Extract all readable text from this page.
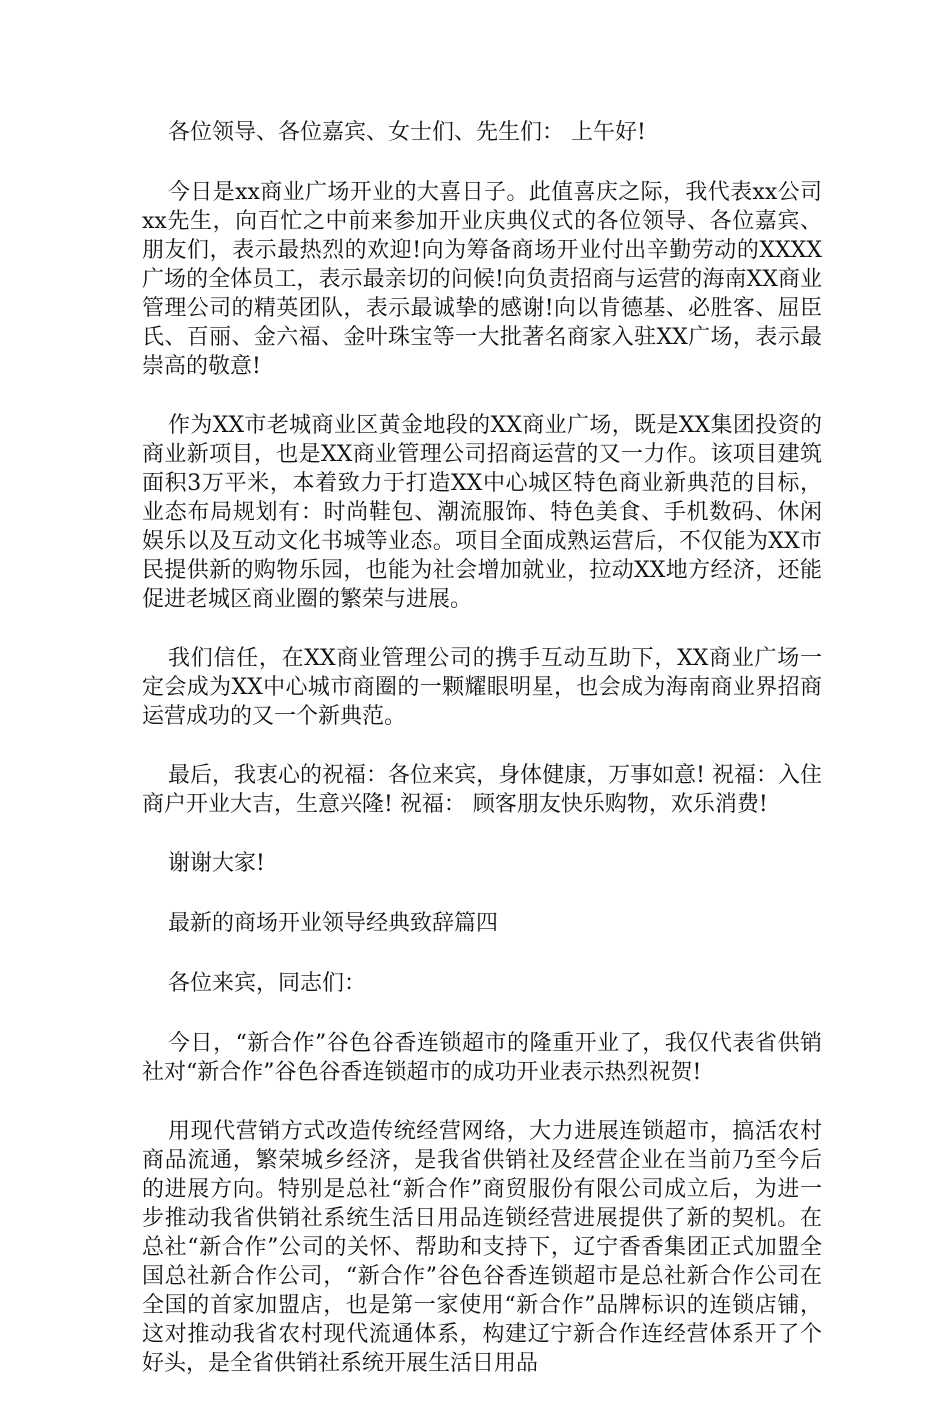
各位领导、各位嘉宾、女士们、先生们： 上午好!

今日是xx商业广场开业的大喜日子。此值喜庆之际，我代表xx公司xx先生，向百忙之中前来参加开业庆典仪式的各位领导、各位嘉宾、朋友们，表示最热烈的欢迎!向为筹备商场开业付出辛勤劳动的XXXX广场的全体员工，表示最亲切的问候!向负责招商与运营的海南XX商业管理公司的精英团队，表示最诚挚的感谢!向以肯德基、必胜客、屈臣氏、百丽、金六福、金叶珠宝等一大批著名商家入驻XX广场，表示最崇高的敬意!

作为XX市老城商业区黄金地段的XX商业广场，既是XX集团投资的商业新项目，也是XX商业管理公司招商运营的又一力作。该项目建筑面积3万平米，本着致力于打造XX中心城区特色商业新典范的目标，业态布局规划有：时尚鞋包、潮流服饰、特色美食、手机数码、休闲娱乐以及互动文化书城等业态。项目全面成熟运营后，不仅能为XX市民提供新的购物乐园，也能为社会增加就业，拉动XX地方经济，还能促进老城区商业圈的繁荣与进展。

我们信任，在XX商业管理公司的携手互动互助下，XX商业广场一定会成为XX中心城市商圈的一颗耀眼明星，也会成为海南商业界招商运营成功的又一个新典范。

最后，我衷心的祝福：各位来宾，身体健康，万事如意! 祝福：入住商户开业大吉，生意兴隆! 祝福： 顾客朋友快乐购物，欢乐消费!

谢谢大家!

最新的商场开业领导经典致辞篇四

各位来宾，同志们：

今日，“新合作”谷色谷香连锁超市的隆重开业了，我仅代表省供销社对“新合作”谷色谷香连锁超市的成功开业表示热烈祝贺!

用现代营销方式改造传统经营网络，大力进展连锁超市，搞活农村商品流通，繁荣城乡经济，是我省供销社及经营企业在当前乃至今后的进展方向。特别是总社“新合作”商贸服份有限公司成立后，为进一步推动我省供销社系统生活日用品连锁经营进展提供了新的契机。在总社“新合作”公司的关怀、帮助和支持下，辽宁香香集团正式加盟全国总社新合作公司，“新合作”谷色谷香连锁超市是总社新合作公司在全国的首家加盟店，也是第一家使用“新合作”品牌标识的连锁店铺，这对推动我省农村现代流通体系，构建辽宁新合作连经营体系开了个好头，是全省供销社系统开展生活日用品
